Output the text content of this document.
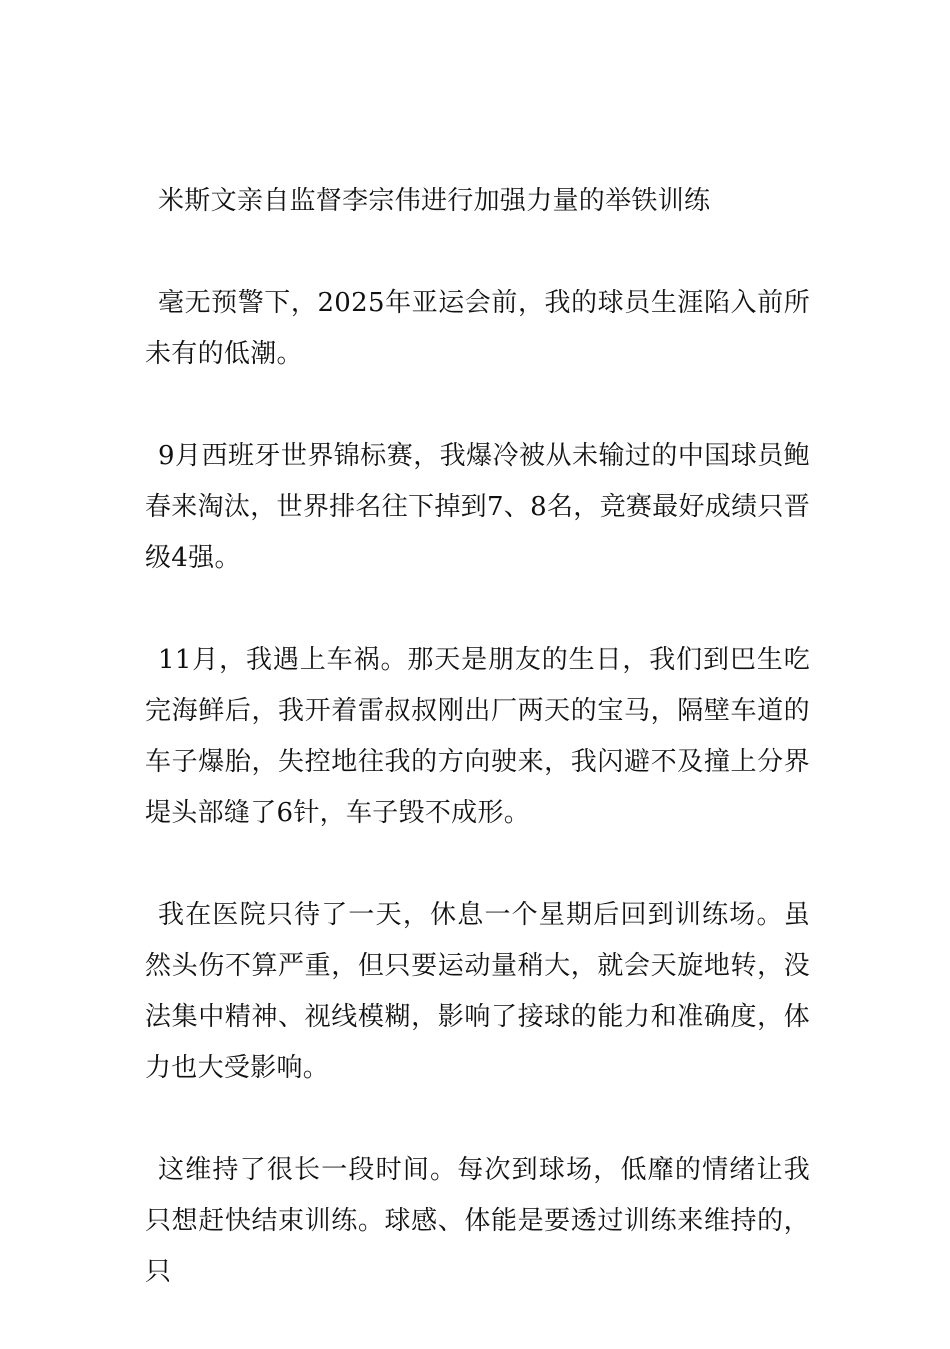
米斯文亲自监督李宗伟进行加强力量的举铁训练

毫无预警下，2025年亚运会前，我的球员生涯陷入前所未有的低潮。

9月西班牙世界锦标赛，我爆冷被从未输过的中国球员鲍春来淘汰，世界排名往下掉到7、8名，竞赛最好成绩只晋级4强。

11月，我遇上车祸。那天是朋友的生日，我们到巴生吃完海鲜后，我开着雷叔叔刚出厂两天的宝马，隔壁车道的车子爆胎，失控地往我的方向驶来，我闪避不及撞上分界堤头部缝了6针，车子毁不成形。

我在医院只待了一天，休息一个星期后回到训练场。虽然头伤不算严重，但只要运动量稍大，就会天旋地转，没法集中精神、视线模糊，影响了接球的能力和准确度，体力也大受影响。

这维持了很长一段时间。每次到球场，低靡的情绪让我只想赶快结束训练。球感、体能是要透过训练来维持的，只
